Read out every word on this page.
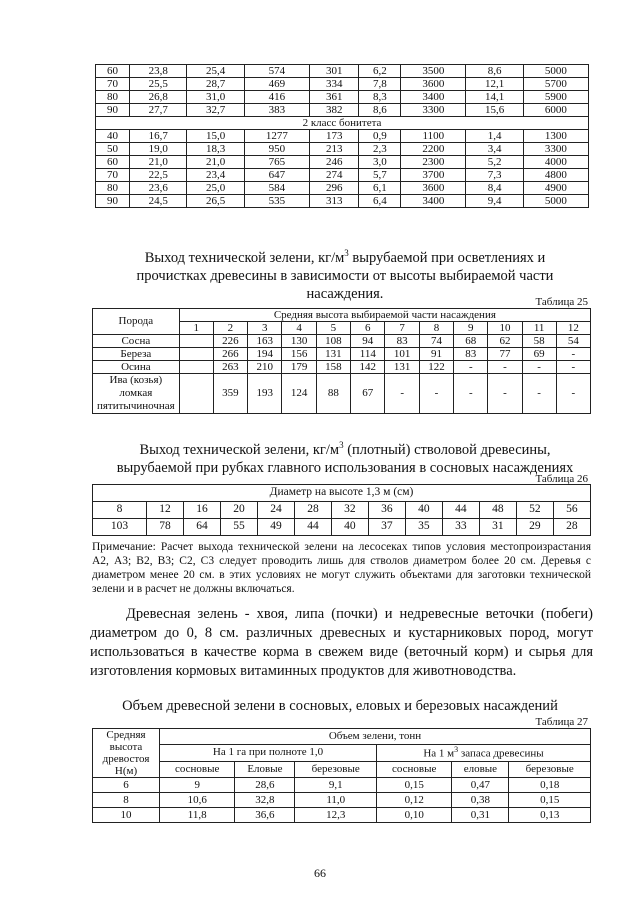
60	23,8	25,4	574	301	6,2	3500	8,6	5000
70	25,5	28,7	469	334	7,8	3600	12,1	5700
80	26,8	31,0	416	361	8,3	3400	14,1	5900
90	27,7	32,7	383	382	8,6	3300	15,6	6000
2 класс бонитета								
40	16,7	15,0	1277	173	0,9	1100	1,4	1300
50	19,0	18,3	950	213	2,3	2200	3,4	3300
60	21,0	21,0	765	246	3,0	2300	5,2	4000
70	22,5	23,4	647	274	5,7	3700	7,3	4800
80	23,6	25,0	584	296	6,1	3600	8,4	4900
90	24,5	26,5	535	313	6,4	3400	9,4	5000
Выход технической зелени, $кг/м^3$ вырубаемой при осветлениях и
прочистках древесины в зависимости от высоты выбираемой части
насаждения.
Таблица 25
Порода	Средняя высота выбираемой части насаждения											
	1	2	3	4	5	6	7	8	9	10	11	12
Сосна		226	163	130	108	94	83	74	68	62	58	54
Береза		266	194	156	131	114	101	91	83	77	69	-
Осина		263	210	179	158	142	131	122	-	-	-	-

Ива (козья)
ломкая
пятитычиночная		359	193	124	88	67	-	-	-	-	-	-
Выход технической зелени, $кг/м^3$ (плотный) стволовой древесины,
вырубаемой при рубках главного использования в сосновых насаждениях
Таблица 26
Диаметр на высоте 1,3 м (см)												
8	12	16	20	24	28	32	36	40	44	48	52	56
103	78	64	55	49	44	40	37	35	33	31	29	28
Примечание: Расчет выхода технической зелени на лесосеках типов условия местопроизрастания А2, А3; В2, В3; С2, С3 следует проводить лишь для стволов диаметром более 20 см. Деревья с диаметром менее 20 см. в этих условиях не могут служить объектами для заготовки технической зелени и в расчет не должны включаться.
Древесная зелень - хвоя, липа (почки) и недревесные веточки (побеги) диаметром до 0, 8 см. различных древесных и кустарниковых пород, могут использоваться в качестве корма в свежем виде (веточный корм) и сырья для изготовления кормовых витаминных продуктов для животноводства.
Объем древесной зелени в сосновых, еловых и березовых насаждений
Таблица 27
Средняя
высота
древостоя
Н(м)	Объем зелени, тонн					
	На 1 га при полноте 1,0			На 1 $м^3$ запаса древесины		
	сосновые	Еловые	березовые	сосновые	еловые	березовые
6	9	28,6	9,1	0,15	0,47	0,18
8	10,6	32,8	11,0	0,12	0,38	0,15
10	11,8	36,6	12,3	0,10	0,31	0,13
66
